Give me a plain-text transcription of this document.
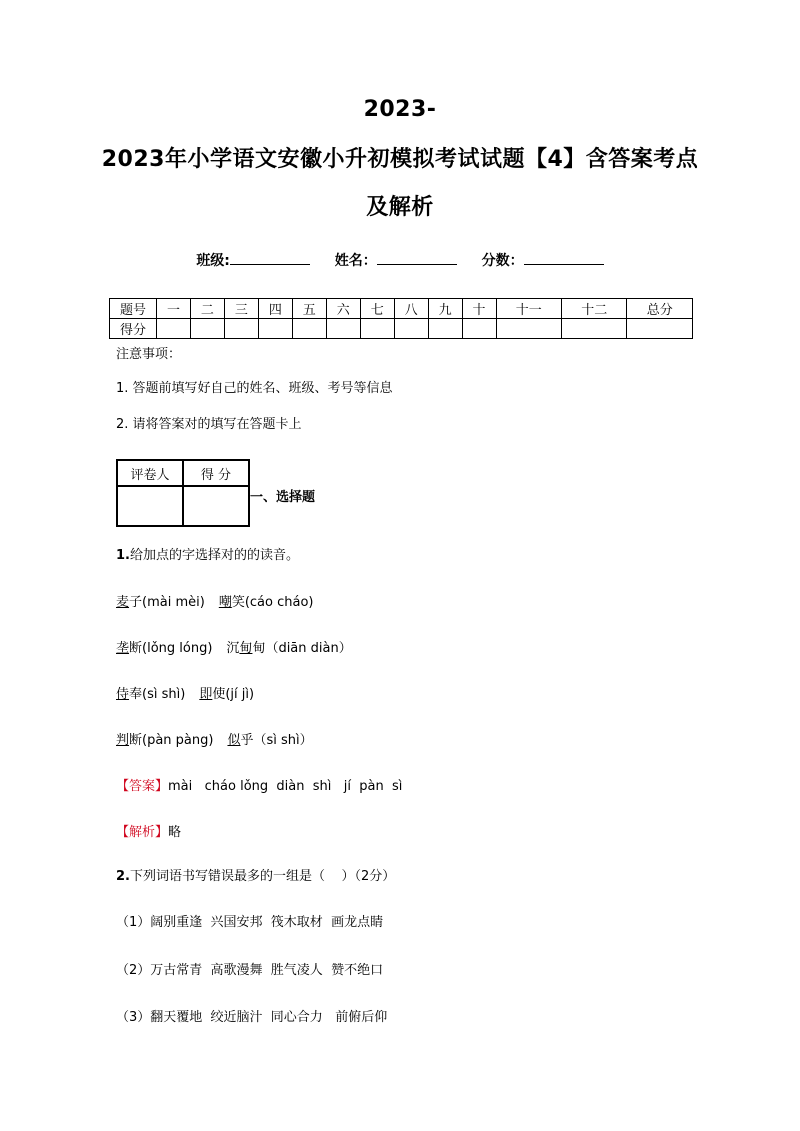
2023-
2023年小学语文安徽小升初模拟考试试题【4】含答案考点
及解析
班级:	姓名：	分数：
题号	一	二	三	四	五	六	七	八	九	十	十一	十二	总分
得分													
注意事项：
1. 答题前填写好自己的姓名、班级、考号等信息
2. 请将答案对的填写在答题卡上
评卷人	得 分

一、选择题
1.给加点的字选择对的的读音。
麦子(mài mèi) 嘲笑(cáo cháo)
垄断(lǒng lóng) 沉甸甸（diān diàn）
侍奉(sì shì) 即使(jí jì)
判断(pàn pàng) 似乎（sì shì）
【答案】mài   cháo lǒng  diàn  shì   jí  pàn  sì
【解析】略
2.下列词语书写错误最多的一组是（    ）（2分）
（1）阔别重逢  兴国安邦  筏木取材  画龙点睛
（2）万古常青  高歌漫舞  胜气凌人  赞不绝口
（3）翻天覆地  绞近脑汁  同心合力   前俯后仰
